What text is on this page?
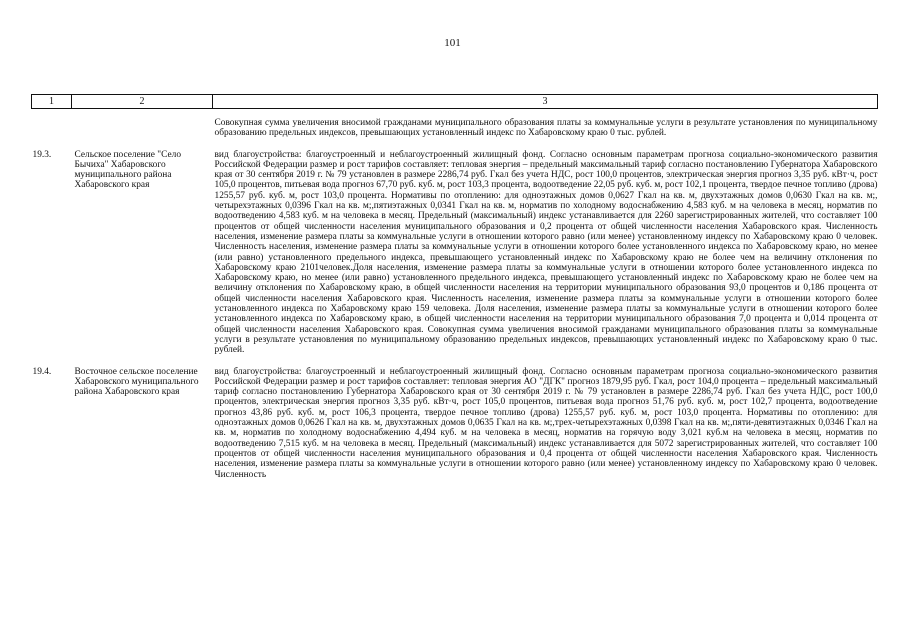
101
1	2	3

		Совокупная сумма увеличения вносимой гражданами муниципального образования платы за коммунальные услуги в результате установления по муниципальному образованию предельных индексов, превышающих установленный индекс по Хабаровскому краю 0 тыс. рублей.

19.3.	Сельское поселение "Село Бычиха" Хабаровского муниципального района Хабаровского края	вид благоустройства: благоустроенный и неблагоустроенный жилищный фонд. Согласно основным параметрам прогноза социально-экономического развития Российской Федерации размер и рост тарифов составляет: тепловая энергия – предельный максимальный тариф согласно постановлению Губернатора Хабаровского края от 30 сентября 2019 г. № 79 установлен в размере 2286,74 руб. Гкал без учета НДС, рост 100,0 процентов, электрическая энергия прогноз 3,35 руб. кВт·ч, рост 105,0 процентов, питьевая вода прогноз 67,70 руб. куб. м, рост 103,3 процента, водоотведение 22,05 руб. куб. м, рост 102,1 процента, твердое печное топливо (дрова) 1255,57 руб. куб. м, рост 103,0 процента. Нормативы по отоплению: для одноэтажных домов 0,0627 Гкал на кв. м, двухэтажных домов 0,0630 Гкал на кв. м;, четырехэтажных 0,0396 Гкал на кв. м;,пятиэтажных 0,0341 Гкал на кв. м, норматив по холодному водоснабжению 4,583 куб. м на человека в месяц, норматив по водоотведению 4,583 куб. м на человека в месяц. Предельный (максимальный) индекс устанавливается для 2260 зарегистрированных жителей, что составляет 100 процентов от общей численности населения муниципального образования и 0,2 процента от общей численности населения Хабаровского края. Численность населения, изменение размера платы за коммунальные услуги в отношении которого равно (или менее) установленному индексу по Хабаровскому краю 0 человек. Численность населения, изменение размера платы за коммунальные услуги в отношении которого более установленного индекса по Хабаровскому краю, но менее (или равно) установленного предельного индекса, превышающего установленный индекс по Хабаровскому краю не более чем на величину отклонения по Хабаровскому краю 2101человек.Доля населения, изменение размера платы за коммунальные услуги в отношении которого более установленного индекса по Хабаровскому краю, но менее (или равно) установленного предельного индекса, превышающего установленный индекс по Хабаровскому краю не более чем на величину отклонения по Хабаровскому краю, в общей численности населения на территории муниципального образования 93,0 процентов и 0,186 процента от общей численности населения Хабаровского края. Численность населения, изменение размера платы за коммунальные услуги в отношении которого более установленного индекса по Хабаровскому краю 159 человека. Доля населения, изменение размера платы за коммунальные услуги в отношении которого более установленного индекса по Хабаровскому краю, в общей численности населения на территории муниципального образования 7,0 процента и 0,014 процента от общей численности населения Хабаровского края. Совокупная сумма увеличения вносимой гражданами муниципального образования платы за коммунальные услуги в результате установления по муниципальному образованию предельных индексов, превышающих установленный индекс по Хабаровскому краю 0 тыс. рублей.

19.4.	Восточное сельское поселение Хабаровского муниципального района Хабаровского края	вид благоустройства: благоустроенный и неблагоустроенный жилищный фонд. Согласно основным параметрам прогноза социально-экономического развития Российской Федерации размер и рост тарифов составляет: тепловая энергия АО "ДГК" прогноз 1879,95 руб. Гкал, рост 104,0 процента – предельный максимальный тариф согласно постановлению Губернатора Хабаровского края от 30 сентября 2019 г. № 79 установлен в размере 2286,74 руб. Гкал без учета НДС, рост 100,0 процентов, электрическая энергия прогноз 3,35 руб. кВт·ч, рост 105,0 процентов, питьевая вода прогноз 51,76 руб. куб. м, рост 102,7 процента, водоотведение прогноз 43,86 руб. куб. м, рост 106,3 процента, твердое печное топливо (дрова) 1255,57 руб. куб. м, рост 103,0 процента. Нормативы по отоплению: для одноэтажных домов 0,0626 Гкал на кв. м, двухэтажных домов 0,0635 Гкал на кв. м;,трех-четырехэтажных 0,0398 Гкал на кв. м;,пяти-девятиэтажных 0,0346 Гкал на кв. м, норматив по холодному водоснабжению 4,494 куб. м на человека в месяц, норматив на горячую воду 3,021 куб.м на человека в месяц, норматив по водоотведению 7,515 куб. м на человека в месяц. Предельный (максимальный) индекс устанавливается для 5072 зарегистрированных жителей, что составляет 100 процентов от общей численности населения муниципального образования и 0,4 процента от общей численности населения Хабаровского края. Численность населения, изменение размера платы за коммунальные услуги в отношении которого равно (или менее) установленному индексу по Хабаровскому краю 0 человек. Численность
